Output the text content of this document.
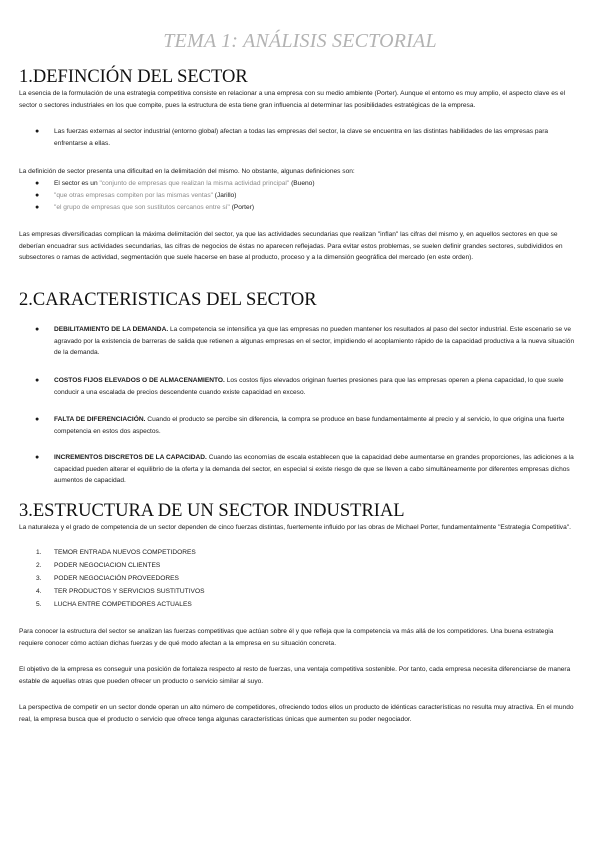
TEMA 1: ANÁLISIS SECTORIAL
1.DEFINCIÓN DEL SECTOR

La esencia de la formulación de una estrategia competitiva consiste en relacionar a una empresa con su medio ambiente (Porter). Aunque el entorno es muy amplio, el aspecto clave es el sector o sectores industriales en los que compite, pues la estructura de esta tiene gran influencia al determinar las posibilidades estratégicas de la empresa.

● Las fuerzas externas al sector industrial (entorno global) afectan a todas las empresas del sector, la clave se encuentra en las distintas habilidades de las empresas para enfrentarse a ellas.

La definición de sector presenta una dificultad en la delimitación del mismo. No obstante, algunas definiciones son:

● El sector es un "conjunto de empresas que realizan la misma actividad principal" (Bueno)
● "que otras empresas compiten por las mismas ventas" (Jarillo)
● "el grupo de empresas que son sustitutos cercanos entre sí" (Porter)

Las empresas diversificadas complican la máxima delimitación del sector, ya que las actividades secundarias que realizan "inflan" las cifras del mismo y, en aquellos sectores en que se deberían encuadrar sus actividades secundarias, las cifras de negocios de éstas no aparecen reflejadas. Para evitar estos problemas, se suelen definir grandes sectores, subdivididos en subsectores o ramas de actividad, segmentación que suele hacerse en base al producto, proceso y a la dimensión geográfica del mercado (en este orden).

2.CARACTERISTICAS DEL SECTOR
● DEBILITAMIENTO DE LA DEMANDA. La competencia se intensifica ya que las empresas no pueden mantener los resultados al paso del sector industrial. Este escenario se ve agravado por la existencia de barreras de salida que retienen a algunas empresas en el sector, impidiendo el acoplamiento rápido de la capacidad productiva a la nueva situación de la demanda.
● COSTOS FIJOS ELEVADOS O DE ALMACENAMIENTO. Los costos fijos elevados originan fuertes presiones para que las empresas operen a plena capacidad, lo que suele conducir a una escalada de precios descendente cuando existe capacidad en exceso.
● FALTA DE DIFERENCIACIÓN. Cuando el producto se percibe sin diferencia, la compra se produce en base fundamentalmente al precio y al servicio, lo que origina una fuerte competencia en estos dos aspectos.
● INCREMENTOS DISCRETOS DE LA CAPACIDAD. Cuando las economías de escala establecen que la capacidad debe aumentarse en grandes proporciones, las adiciones a la capacidad pueden alterar el equilibrio de la oferta y la demanda del sector, en especial si existe riesgo de que se lleven a cabo simultáneamente por diferentes empresas dichos aumentos de capacidad.
3.ESTRUCTURA DE UN SECTOR INDUSTRIAL

La naturaleza y el grado de competencia de un sector dependen de cinco fuerzas distintas, fuertemente influido por las obras de Michael Porter, fundamentalmente "Estrategia Competitiva".

1. TEMOR ENTRADA NUEVOS COMPETIDORES
2. PODER NEGOCIACION CLIENTES
3. PODER NEGOCIACIÓN PROVEEDORES
4. TER PRODUCTOS Y SERVICIOS SUSTITUTIVOS
5. LUCHA ENTRE COMPETIDORES ACTUALES

Para conocer la estructura del sector se analizan las fuerzas competitivas que actúan sobre él y que refleja que la competencia va más allá de los competidores. Una buena estrategia requiere conocer cómo actúan dichas fuerzas y de qué modo afectan a la empresa en su situación concreta.

El objetivo de la empresa es conseguir una posición de fortaleza respecto al resto de fuerzas, una ventaja competitiva sostenible. Por tanto, cada empresa necesita diferenciarse de manera estable de aquellas otras que pueden ofrecer un producto o servicio similar al suyo.

La perspectiva de competir en un sector donde operan un alto número de competidores, ofreciendo todos ellos un producto de idénticas características no resulta muy atractiva. En el mundo real, la empresa busca que el producto o servicio que ofrece tenga algunas características únicas que aumenten su poder negociador.
